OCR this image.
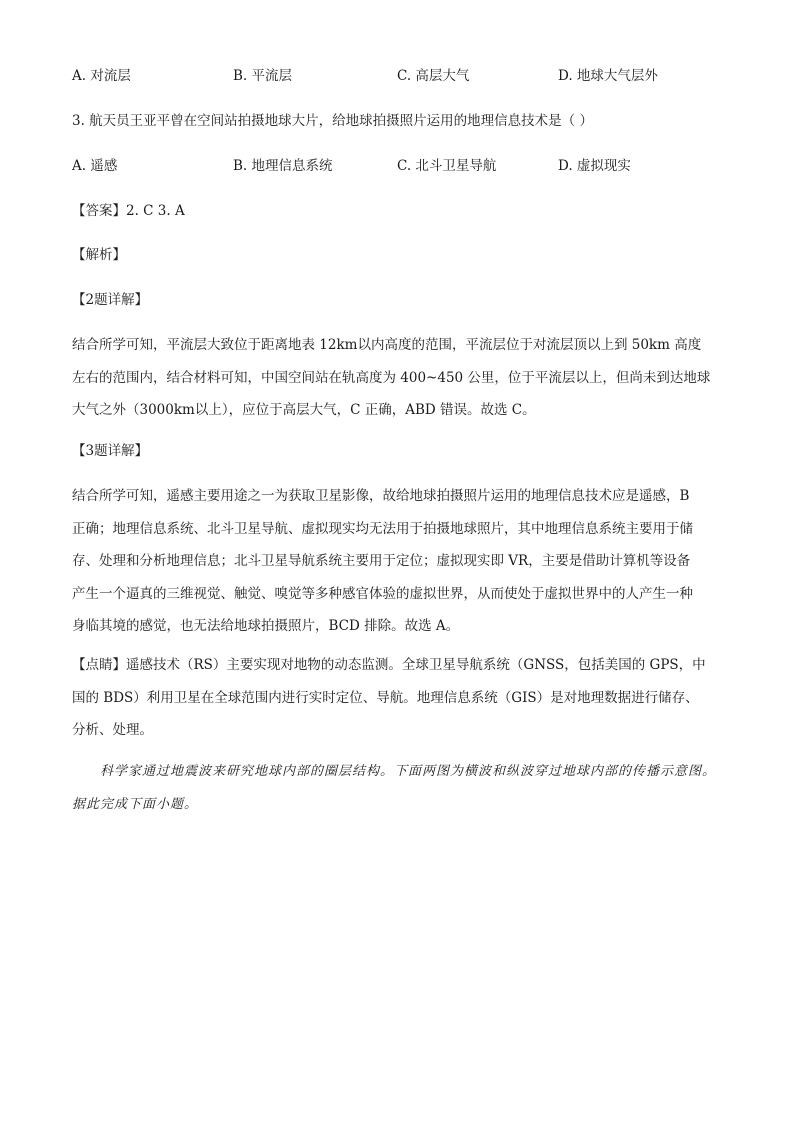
A. 对流层	B. 平流层	C. 高层大气	D. 地球大气层外
3. 航天员王亚平曾在空间站拍摄地球大片，给地球拍摄照片运用的地理信息技术是（ ）
A. 遥感	B. 地理信息系统	C. 北斗卫星导航	D. 虚拟现实
【答案】2. C 3. A
【解析】
【2题详解】
结合所学可知，平流层大致位于距离地表 12km以内高度的范围，平流层位于对流层顶以上到 50km 高度
左右的范围内，结合材料可知，中国空间站在轨高度为 400~450 公里，位于平流层以上，但尚未到达地球
大气之外（3000km以上），应位于高层大气，C 正确，ABD 错误。故选 C。
【3题详解】
结合所学可知，遥感主要用途之一为获取卫星影像，故给地球拍摄照片运用的地理信息技术应是遥感，B
正确；地理信息系统、北斗卫星导航、虚拟现实均无法用于拍摄地球照片，其中地理信息系统主要用于储
存、处理和分析地理信息；北斗卫星导航系统主要用于定位；虚拟现实即 VR，主要是借助计算机等设备
产生一个逼真的三维视觉、触觉、嗅觉等多种感官体验的虚拟世界，从而使处于虚拟世界中的人产生一种
身临其境的感觉，也无法给地球拍摄照片，BCD 排除。故选 A。
【点睛】遥感技术（RS）主要实现对地物的动态监测。全球卫星导航系统（GNSS，包括美国的 GPS，中
国的 BDS）利用卫星在全球范围内进行实时定位、导航。地理信息系统（GIS）是对地理数据进行储存、
分析、处理。
科学家通过地震波来研究地球内部的圈层结构。下面两图为横波和纵波穿过地球内部的传播示意图。
据此完成下面小题。
